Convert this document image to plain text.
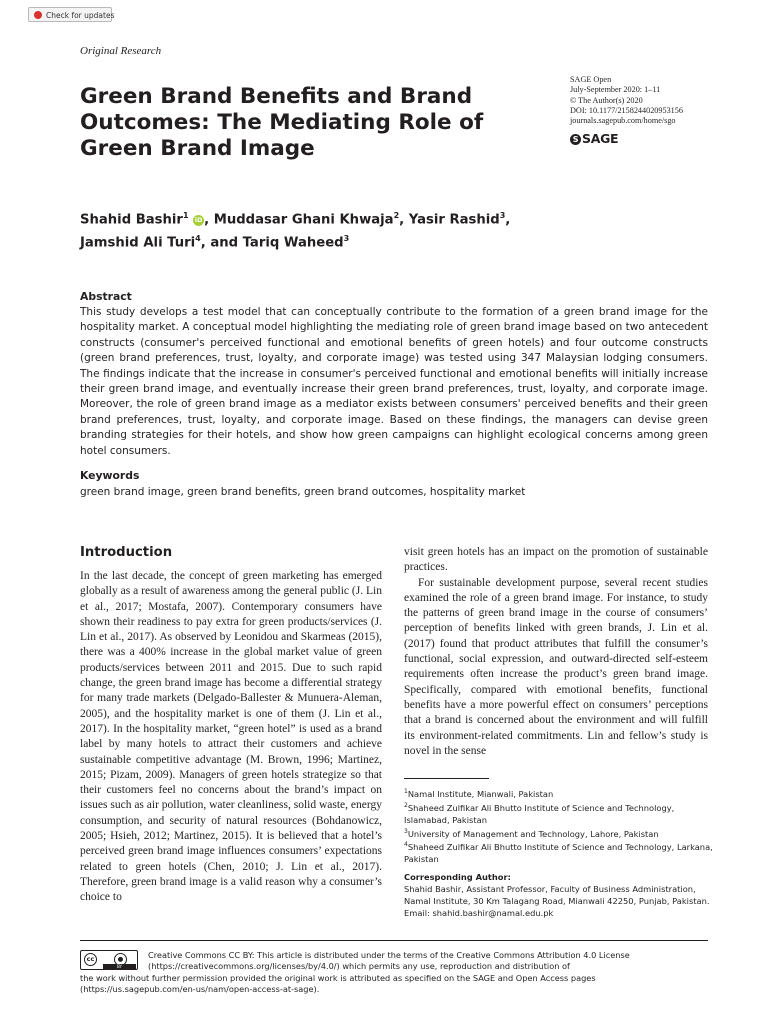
Check for updates
Original Research
Green Brand Benefits and Brand Outcomes: The Mediating Role of Green Brand Image
SAGE Open
July-September 2020: 1–11
© The Author(s) 2020
DOI: 10.1177/2158244020953156
journals.sagepub.com/home/sgo
S SAGE
Shahid Bashir$^1$ iD , Muddasar Ghani Khwaja$^2$, Yasir Rashid$^3$,
Jamshid Ali Turi$^4$, and Tariq Waheed$^3$
Abstract
This study develops a test model that can conceptually contribute to the formation of a green brand image for the hospitality market. A conceptual model highlighting the mediating role of green brand image based on two antecedent constructs (consumer's perceived functional and emotional benefits of green hotels) and four outcome constructs (green brand preferences, trust, loyalty, and corporate image) was tested using 347 Malaysian lodging consumers. The findings indicate that the increase in consumer's perceived functional and emotional benefits will initially increase their green brand image, and eventually increase their green brand preferences, trust, loyalty, and corporate image. Moreover, the role of green brand image as a mediator exists between consumers' perceived benefits and their green brand preferences, trust, loyalty, and corporate image. Based on these findings, the managers can devise green branding strategies for their hotels, and show how green campaigns can highlight ecological concerns among green hotel consumers.
Keywords
green brand image, green brand benefits, green brand outcomes, hospitality market
Introduction

In the last decade, the concept of green marketing has emerged globally as a result of awareness among the general public (J. Lin et al., 2017; Mostafa, 2007). Contemporary consumers have shown their readiness to pay extra for green products/services (J. Lin et al., 2017). As observed by Leonidou and Skarmeas (2015), there was a 400% increase in the global market value of green products/services between 2011 and 2015. Due to such rapid change, the green brand image has become a differential strategy for many trade markets (Delgado-Ballester & Munuera-Aleman, 2005), and the hospitality market is one of them (J. Lin et al., 2017). In the hospitality market, “green hotel” is used as a brand label by many hotels to attract their customers and achieve sustainable competitive advantage (M. Brown, 1996; Martinez, 2015; Pizam, 2009). Managers of green hotels strategize so that their customers feel no concerns about the brand’s impact on issues such as air pollution, water cleanliness, solid waste, energy consumption, and security of natural resources (Bohdanowicz, 2005; Hsieh, 2012; Martinez, 2015). It is believed that a hotel’s perceived green brand image influences consumers’ expectations related to green hotels (Chen, 2010; J. Lin et al., 2017). Therefore, green brand image is a valid reason why a consumer’s choice to

visit green hotels has an impact on the promotion of sustainable practices.

For sustainable development purpose, several recent studies examined the role of a green brand image. For instance, to study the patterns of green brand image in the course of consumers’ perception of benefits linked with green brands, J. Lin et al. (2017) found that product attributes that fulfill the consumer’s functional, social expression, and outward-directed self-esteem requirements often increase the product’s green brand image. Specifically, compared with emotional benefits, functional benefits have a more powerful effect on consumers’ perceptions that a brand is concerned about the environment and will fulfill its environment-related commitments. Lin and fellow’s study is novel in the sense

$^1$Namal Institute, Mianwali, Pakistan
$^2$Shaheed Zulfikar Ali Bhutto Institute of Science and Technology, Islamabad, Pakistan
$^3$University of Management and Technology, Lahore, Pakistan
$^4$Shaheed Zulfikar Ali Bhutto Institute of Science and Technology, Larkana, Pakistan
Corresponding Author:
Shahid Bashir, Assistant Professor, Faculty of Business Administration,
Namal Institute, 30 Km Talagang Road, Mianwali 42250, Punjab, Pakistan.
Email: shahid.bashir@namal.edu.pk
cc	●
BY
Creative Commons CC BY: This article is distributed under the terms of the Creative Commons Attribution 4.0 License
(https://creativecommons.org/licenses/by/4.0/) which permits any use, reproduction and distribution of
the work without further permission provided the original work is attributed as specified on the SAGE and Open Access pages
(https://us.sagepub.com/en-us/nam/open-access-at-sage).
